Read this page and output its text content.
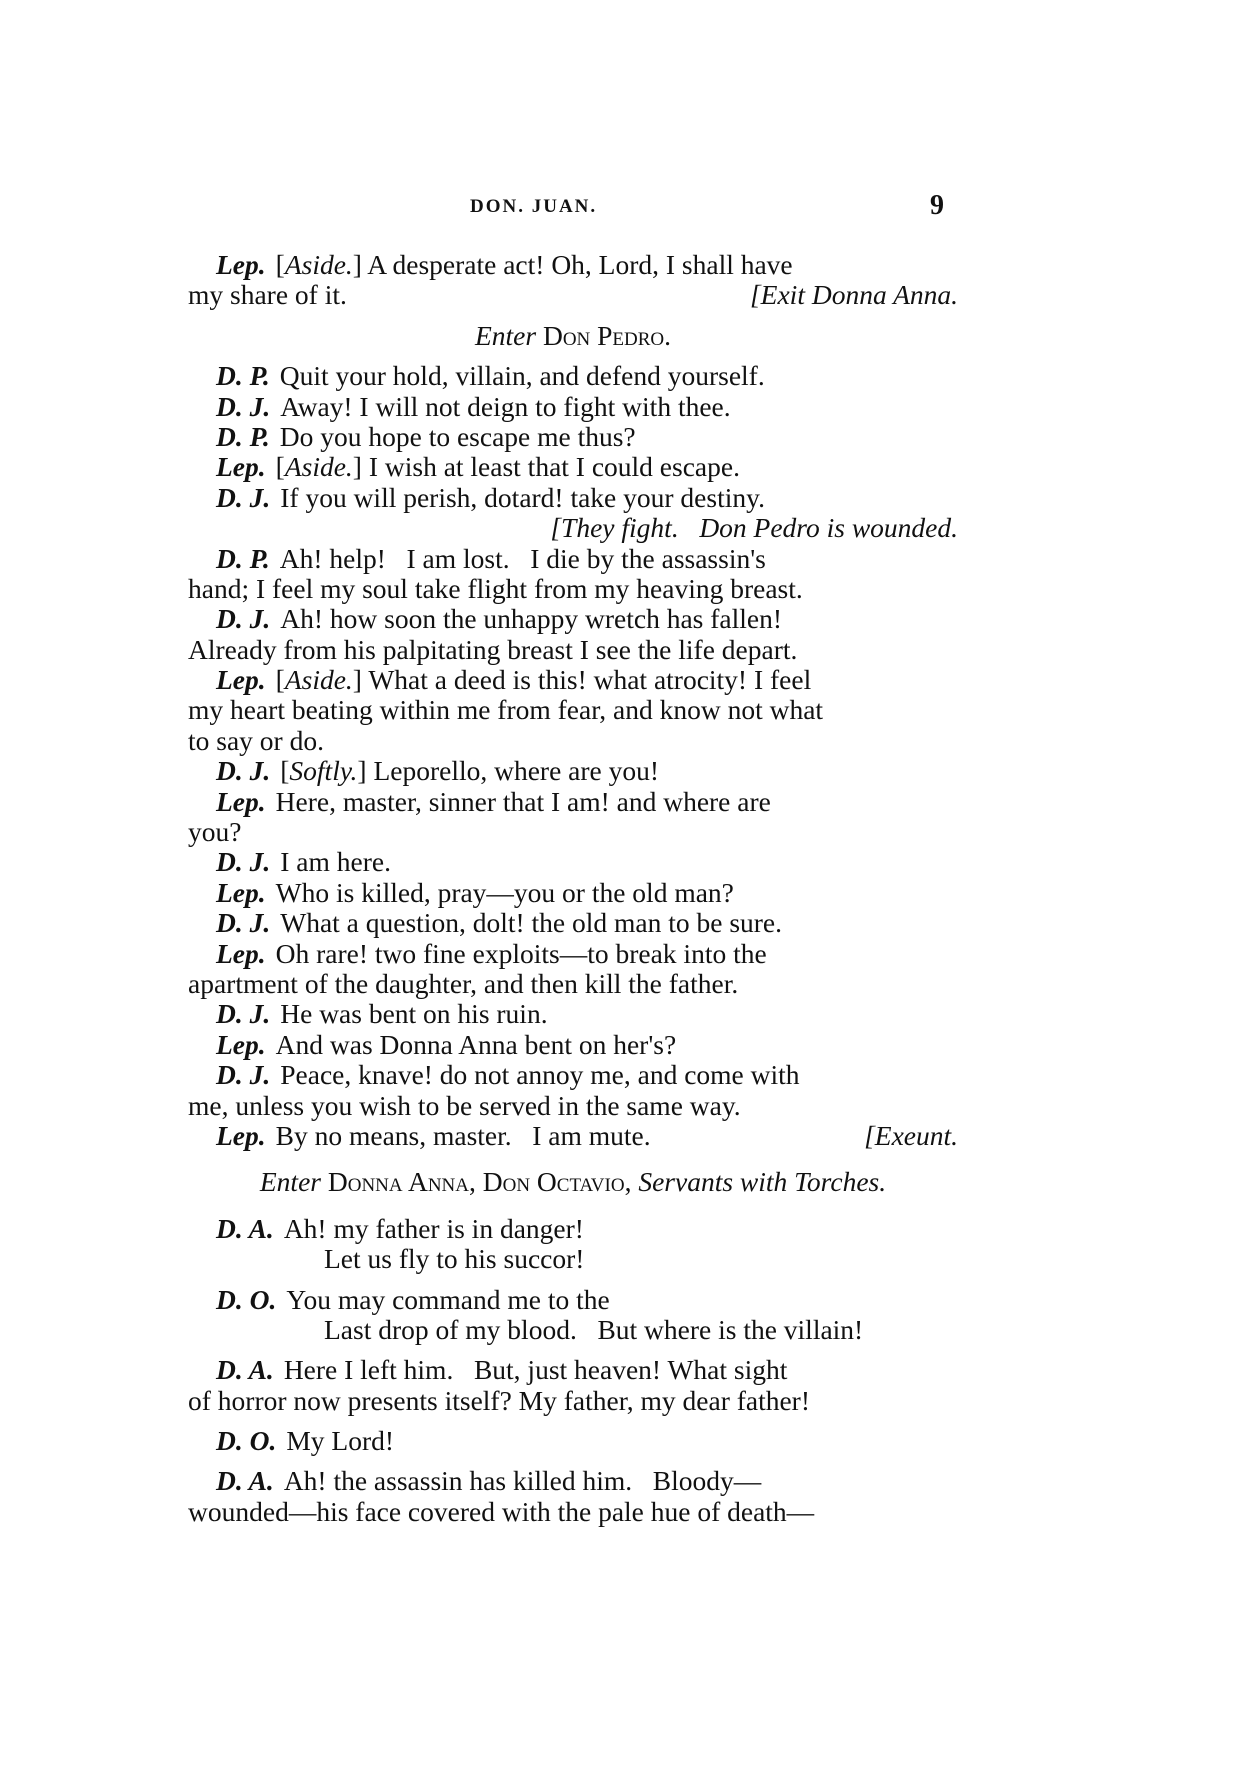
DON. JUAN.	9
Lep. [Aside.] A desperate act! Oh, Lord, I shall have
my share of it.	[Exit Donna Anna.
Enter Don Pedro.
D. P. Quit your hold, villain, and defend yourself.
D. J. Away! I will not deign to fight with thee.
D. P. Do you hope to escape me thus?
Lep. [ Aside. ] I wish at least that I could escape.
D. J. If you will perish, dotard! take your destiny.
[They fight.   Don Pedro is wounded.
D. P. Ah! help!   I am lost.   I die by the assassin's
hand; I feel my soul take flight from my heaving breast.
D. J. Ah! how soon the unhappy wretch has fallen!
Already from his palpitating breast I see the life depart.
Lep. [ Aside. ] What a deed is this! what atrocity! I feel
my heart beating within me from fear, and know not what
to say or do.
D. J. [ Softly. ] Leporello, where are you!
Lep. Here, master, sinner that I am! and where are
you?
D. J. I am here.
Lep. Who is killed, pray—you or the old man?
D. J. What a question, dolt! the old man to be sure.
Lep. Oh rare! two fine exploits—to break into the
apartment of the daughter, and then kill the father.
D. J. He was bent on his ruin.
Lep. And was Donna Anna bent on her's?
D. J. Peace, knave! do not annoy me, and come with
me, unless you wish to be served in the same way.
Lep. By no means, master.   I am mute.	[Exeunt.
Enter Donna Anna, Don Octavio, Servants with Torches.
D. A. Ah! my father is in danger!
Let us fly to his succor!
D. O. You may command me to the
Last drop of my blood.   But where is the villain!
D. A. Here I left him.   But, just heaven! What sight
of horror now presents itself? My father, my dear father!
D. O. My Lord!
D. A. Ah! the assassin has killed him.   Bloody—
wounded—his face covered with the pale hue of death—
